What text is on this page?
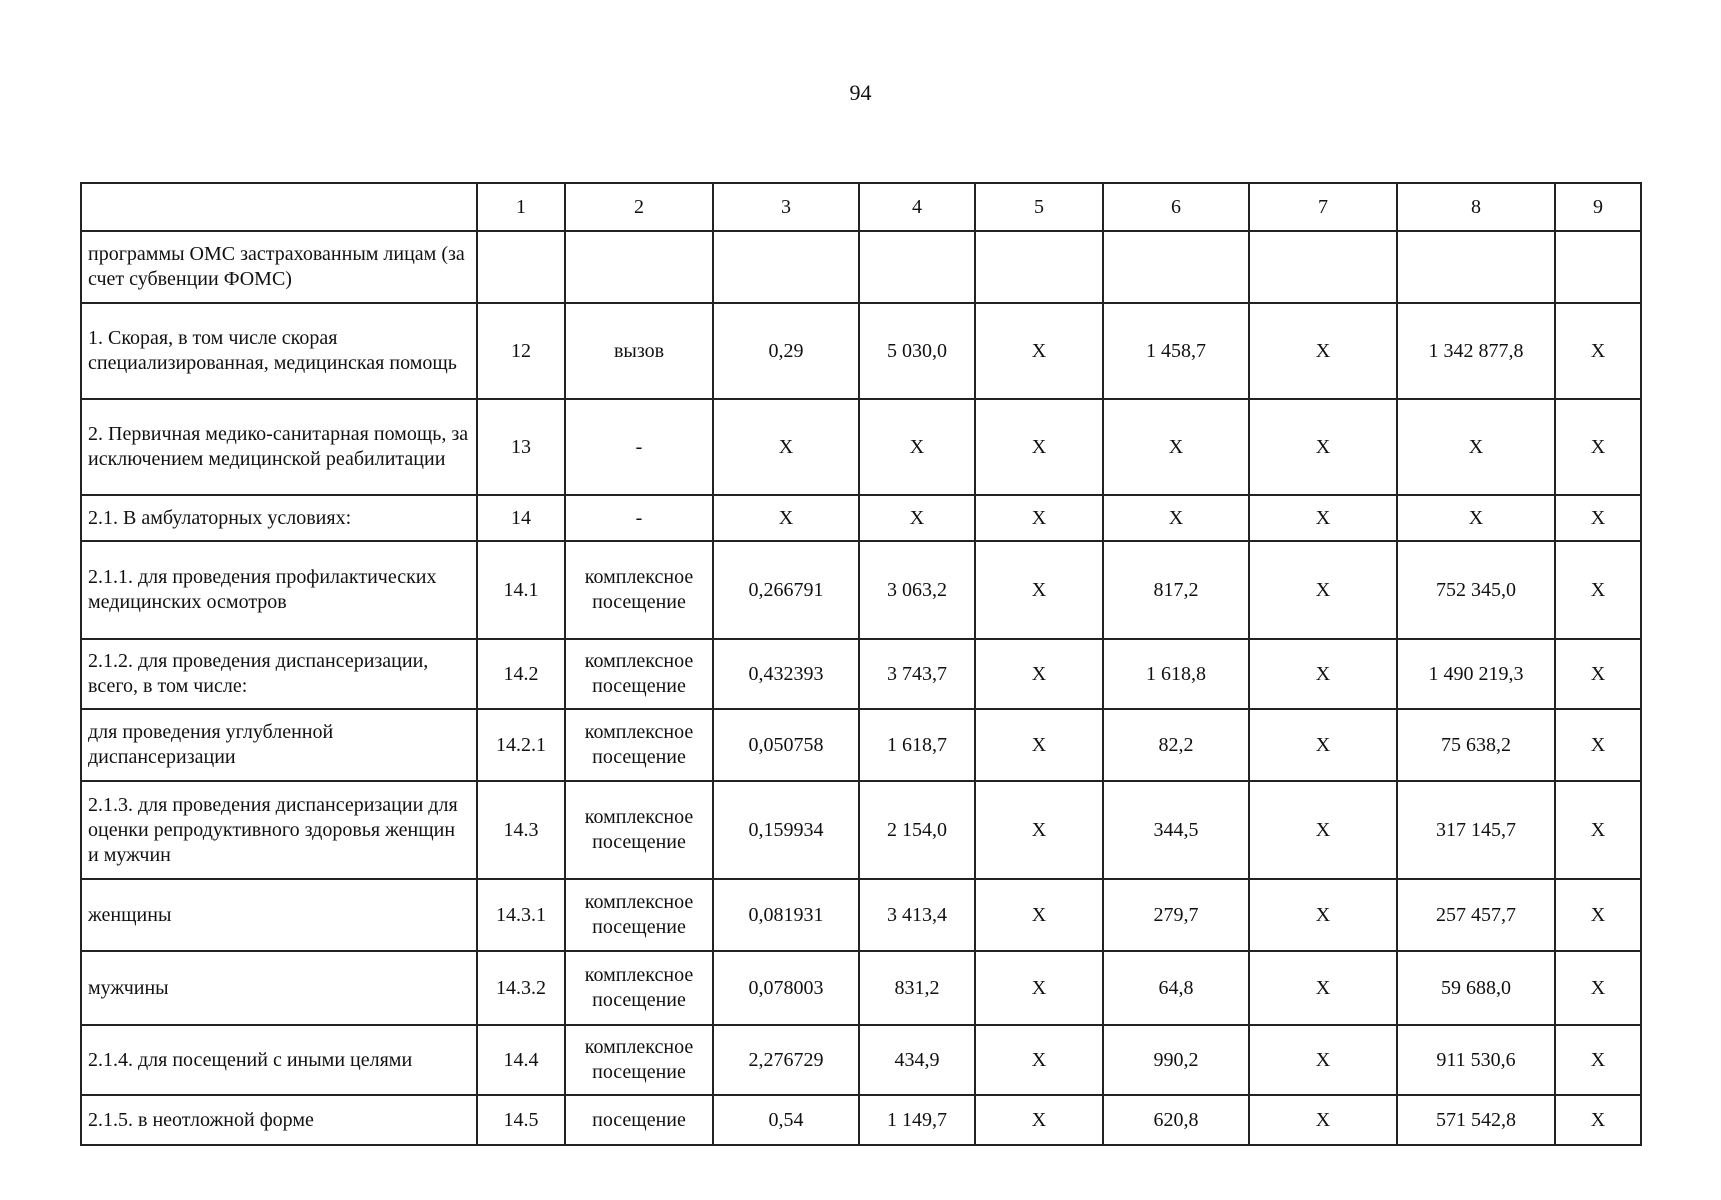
94
	1	2	3	4	5	6	7	8	9
программы ОМС застрахованным лицам (за счет субвенции ФОМС)									
1. Скорая, в том числе скорая специализированная, медицинская помощь	12	вызов	0,29	5 030,0	X	1 458,7	X	1 342 877,8	X
2. Первичная медико-санитарная помощь, за исключением медицинской реабилитации	13	-	X	X	X	X	X	X	X
2.1. В амбулаторных условиях:	14	-	X	X	X	X	X	X	X
2.1.1. для проведения профилактических медицинских осмотров	14.1	комплексное посещение	0,266791	3 063,2	X	817,2	X	752 345,0	X
2.1.2. для проведения диспансеризации, всего, в том числе:	14.2	комплексное посещение	0,432393	3 743,7	X	1 618,8	X	1 490 219,3	X
для проведения углубленной диспансеризации	14.2.1	комплексное посещение	0,050758	1 618,7	X	82,2	X	75 638,2	X
2.1.3. для проведения диспансеризации для оценки репродуктивного здоровья женщин и мужчин	14.3	комплексное посещение	0,159934	2 154,0	X	344,5	X	317 145,7	X
женщины	14.3.1	комплексное посещение	0,081931	3 413,4	X	279,7	X	257 457,7	X
мужчины	14.3.2	комплексное посещение	0,078003	831,2	X	64,8	X	59 688,0	X
2.1.4. для посещений с иными целями	14.4	комплексное посещение	2,276729	434,9	X	990,2	X	911 530,6	X
2.1.5. в неотложной форме	14.5	посещение	0,54	1 149,7	X	620,8	X	571 542,8	X
